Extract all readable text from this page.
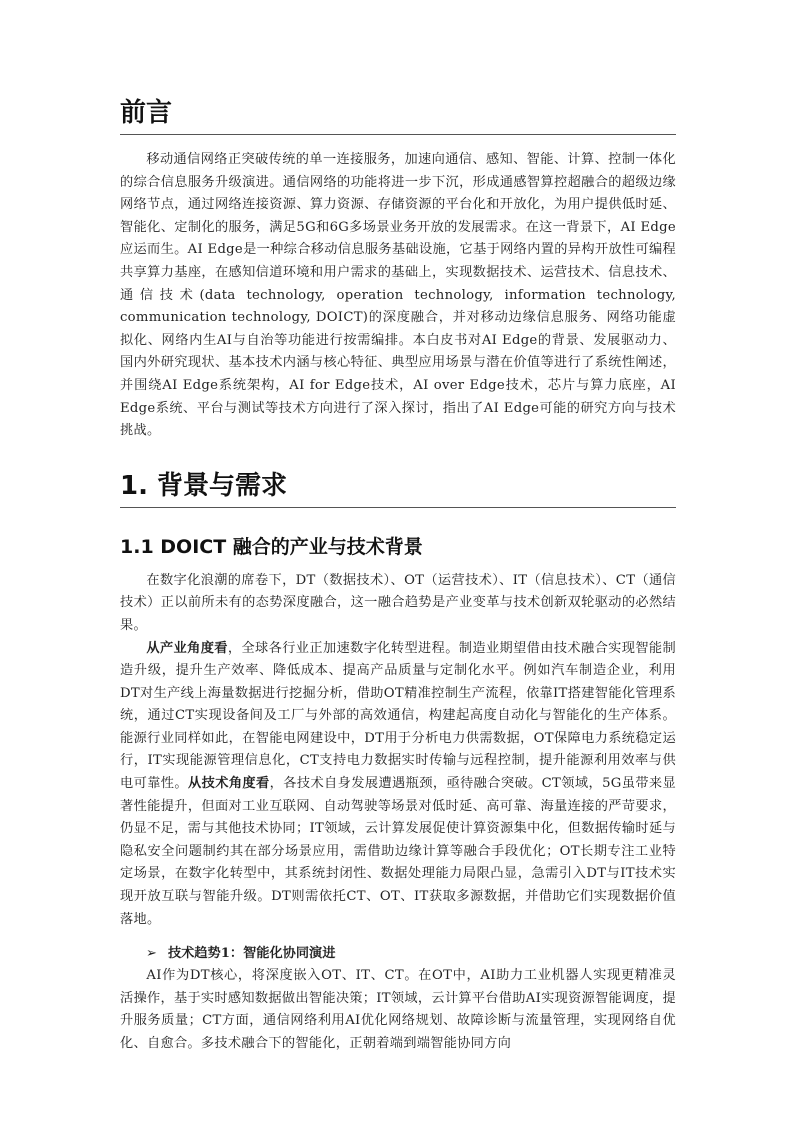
前言

移动通信网络正突破传统的单一连接服务，加速向通信、感知、智能、计算、控制一体化的综合信息服务升级演进。通信网络的功能将进一步下沉，形成通感智算控超融合的超级边缘网络节点，通过网络连接资源、算力资源、存储资源的平台化和开放化，为用户提供低时延、智能化、定制化的服务，满足5G和6G多场景业务开放的发展需求。在这一背景下，AI Edge应运而生。AI Edge是一种综合移动信息服务基础设施，它基于网络内置的异构开放性可编程共享算力基座，在感知信道环境和用户需求的基础上，实现数据技术、运营技术、信息技术、通信技术(data technology, operation technology, information technology, communication technology, DOICT)的深度融合，并对移动边缘信息服务、网络功能虚拟化、网络内生AI与自治等功能进行按需编排。本白皮书对AI Edge的背景、发展驱动力、国内外研究现状、基本技术内涵与核心特征、典型应用场景与潜在价值等进行了系统性阐述，并围绕AI Edge系统架构，AI for Edge技术，AI over Edge技术，芯片与算力底座，AI Edge系统、平台与测试等技术方向进行了深入探讨，指出了AI Edge可能的研究方向与技术挑战。

1. 背景与需求
1.1 DOICT 融合的产业与技术背景

在数字化浪潮的席卷下，DT（数据技术）、OT（运营技术）、IT（信息技术）、CT（通信技术）正以前所未有的态势深度融合，这一融合趋势是产业变革与技术创新双轮驱动的必然结果。

从产业角度看，全球各行业正加速数字化转型进程。制造业期望借由技术融合实现智能制造升级，提升生产效率、降低成本、提高产品质量与定制化水平。例如汽车制造企业，利用DT对生产线上海量数据进行挖掘分析，借助OT精准控制生产流程，依靠IT搭建智能化管理系统，通过CT实现设备间及工厂与外部的高效通信，构建起高度自动化与智能化的生产体系。能源行业同样如此，在智能电网建设中，DT用于分析电力供需数据，OT保障电力系统稳定运行，IT实现能源管理信息化，CT支持电力数据实时传输与远程控制，提升能源利用效率与供电可靠性。从技术角度看，各技术自身发展遭遇瓶颈，亟待融合突破。CT领域，5G虽带来显著性能提升，但面对工业互联网、自动驾驶等场景对低时延、高可靠、海量连接的严苛要求，仍显不足，需与其他技术协同；IT领域，云计算发展促使计算资源集中化，但数据传输时延与隐私安全问题制约其在部分场景应用，需借助边缘计算等融合手段优化；OT长期专注工业特定场景，在数字化转型中，其系统封闭性、数据处理能力局限凸显，急需引入DT与IT技术实现开放互联与智能升级。DT则需依托CT、OT、IT获取多源数据，并借助它们实现数据价值落地。

➢ 技术趋势1：智能化协同演进

AI作为DT核心，将深度嵌入OT、IT、CT。在OT中，AI助力工业机器人实现更精准灵活操作，基于实时感知数据做出智能决策；IT领域，云计算平台借助AI实现资源智能调度，提升服务质量；CT方面，通信网络利用AI优化网络规划、故障诊断与流量管理，实现网络自优化、自愈合。多技术融合下的智能化，正朝着端到端智能协同方向
